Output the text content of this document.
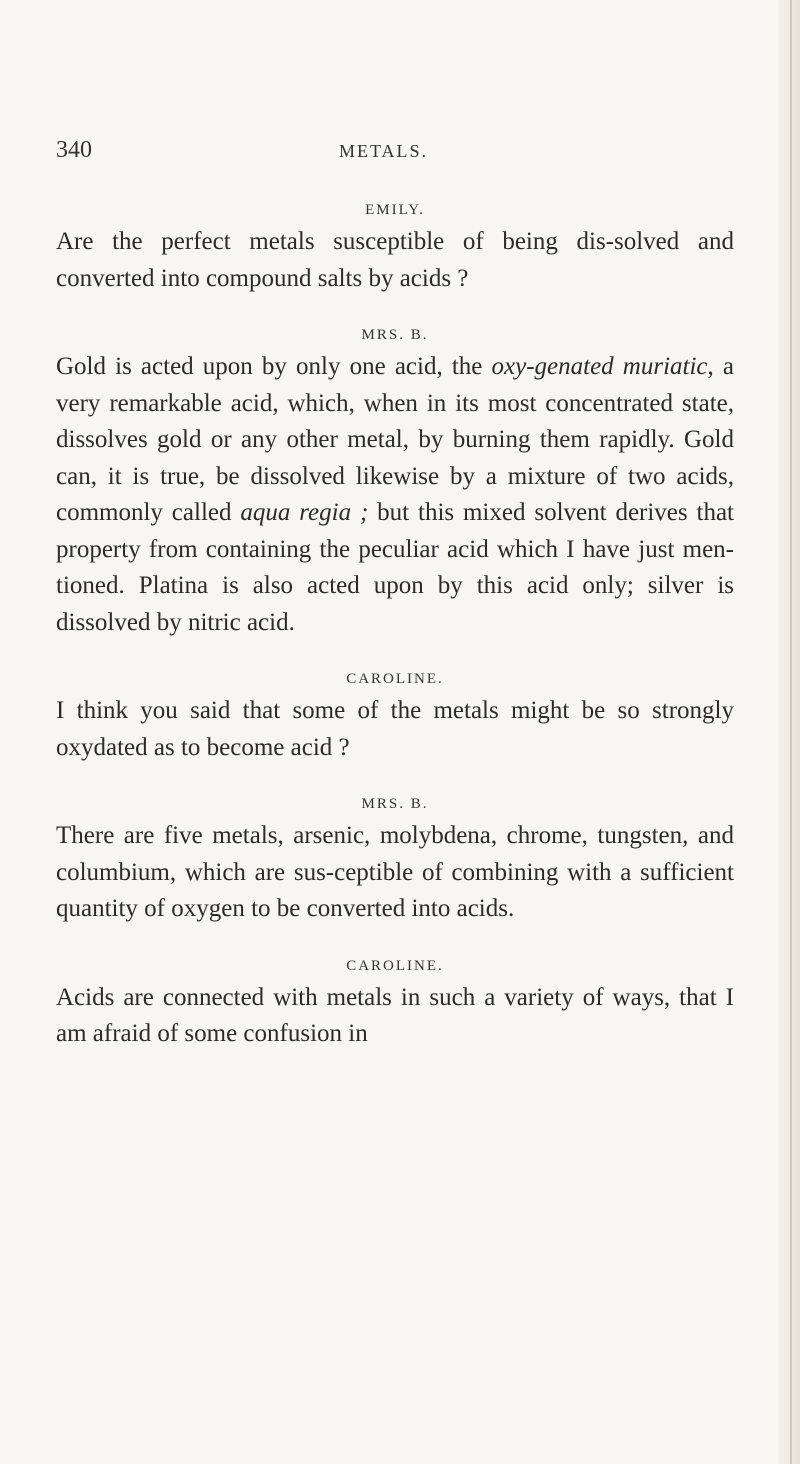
340	METALS.
EMILY.

Are the perfect metals susceptible of being dis-solved and converted into compound salts by acids ?

MRS. B.

Gold is acted upon by only one acid, the oxy-genated muriatic, a very remarkable acid, which, when in its most concentrated state, dissolves gold or any other metal, by burning them rapidly. Gold can, it is true, be dissolved likewise by a mixture of two acids, commonly called aqua regia ; but this mixed solvent derives that property from containing the peculiar acid which I have just men-tioned. Platina is also acted upon by this acid only; silver is dissolved by nitric acid.

CAROLINE.

I think you said that some of the metals might be so strongly oxydated as to become acid ?

MRS. B.

There are five metals, arsenic, molybdena, chrome, tungsten, and columbium, which are sus-ceptible of combining with a sufficient quantity of oxygen to be converted into acids.

CAROLINE.

Acids are connected with metals in such a variety of ways, that I am afraid of some confusion in
